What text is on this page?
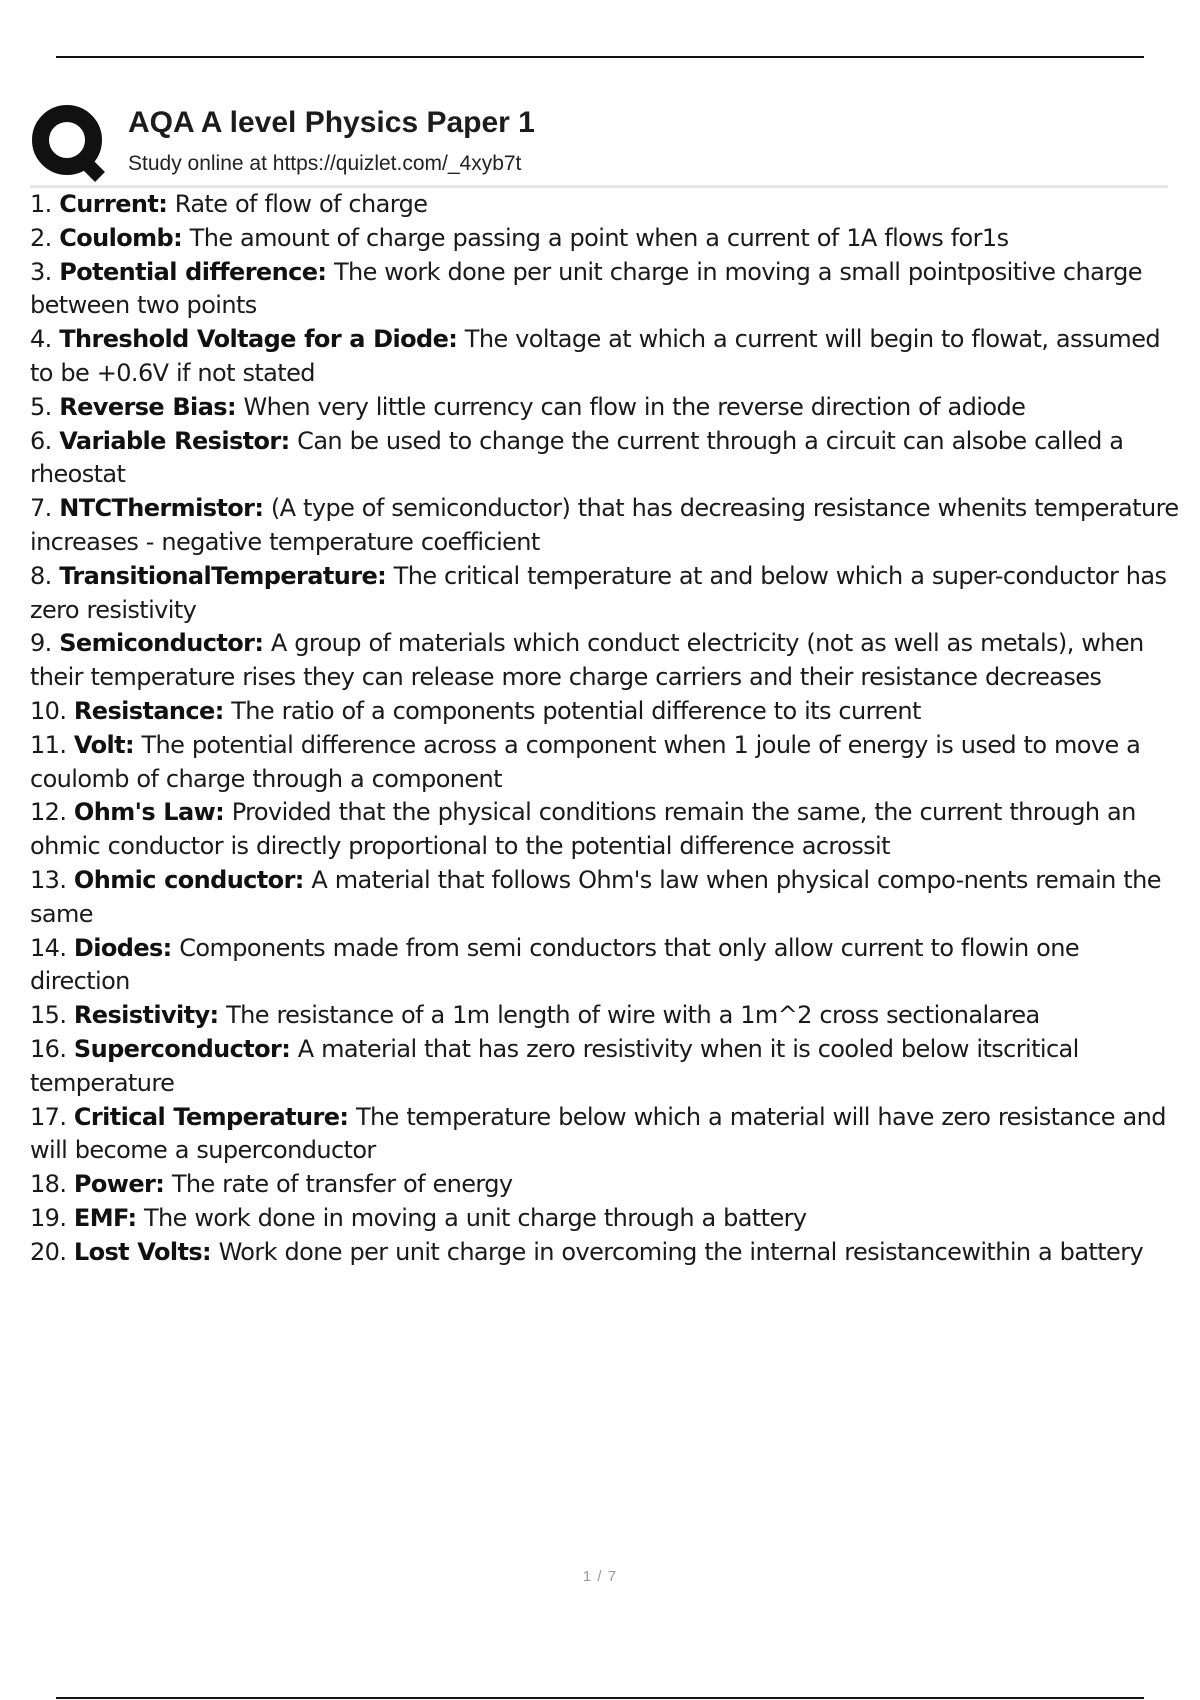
AQA A level Physics Paper 1
Study online at https://quizlet.com/_4xyb7t

1. Current: Rate of flow of charge

2. Coulomb: The amount of charge passing a point when a current of 1A flows for1s

3. Potential difference: The work done per unit charge in moving a small pointpositive charge between two points

4. Threshold Voltage for a Diode: The voltage at which a current will begin to flowat, assumed to be +0.6V if not stated

5. Reverse Bias: When very little currency can flow in the reverse direction of adiode

6. Variable Resistor: Can be used to change the current through a circuit can alsobe called a rheostat

7. NTCThermistor: (A type of semiconductor) that has decreasing resistance whenits temperature increases - negative temperature coefficient

8. TransitionalTemperature: The critical temperature at and below which a super-conductor has zero resistivity

9. Semiconductor: A group of materials which conduct electricity (not as well as metals), when their temperature rises they can release more charge carriers and their resistance decreases

10. Resistance: The ratio of a components potential difference to its current

11. Volt: The potential difference across a component when 1 joule of energy is used to move a coulomb of charge through a component

12. Ohm's Law: Provided that the physical conditions remain the same, the current through an ohmic conductor is directly proportional to the potential difference acrossit

13. Ohmic conductor: A material that follows Ohm's law when physical compo-nents remain the same

14. Diodes: Components made from semi conductors that only allow current to flowin one direction

15. Resistivity: The resistance of a 1m length of wire with a 1m^2 cross sectionalarea

16. Superconductor: A material that has zero resistivity when it is cooled below itscritical temperature

17. Critical Temperature: The temperature below which a material will have zero resistance and will become a superconductor

18. Power: The rate of transfer of energy

19. EMF: The work done in moving a unit charge through a battery

20. Lost Volts: Work done per unit charge in overcoming the internal resistancewithin a battery

1 / 7
